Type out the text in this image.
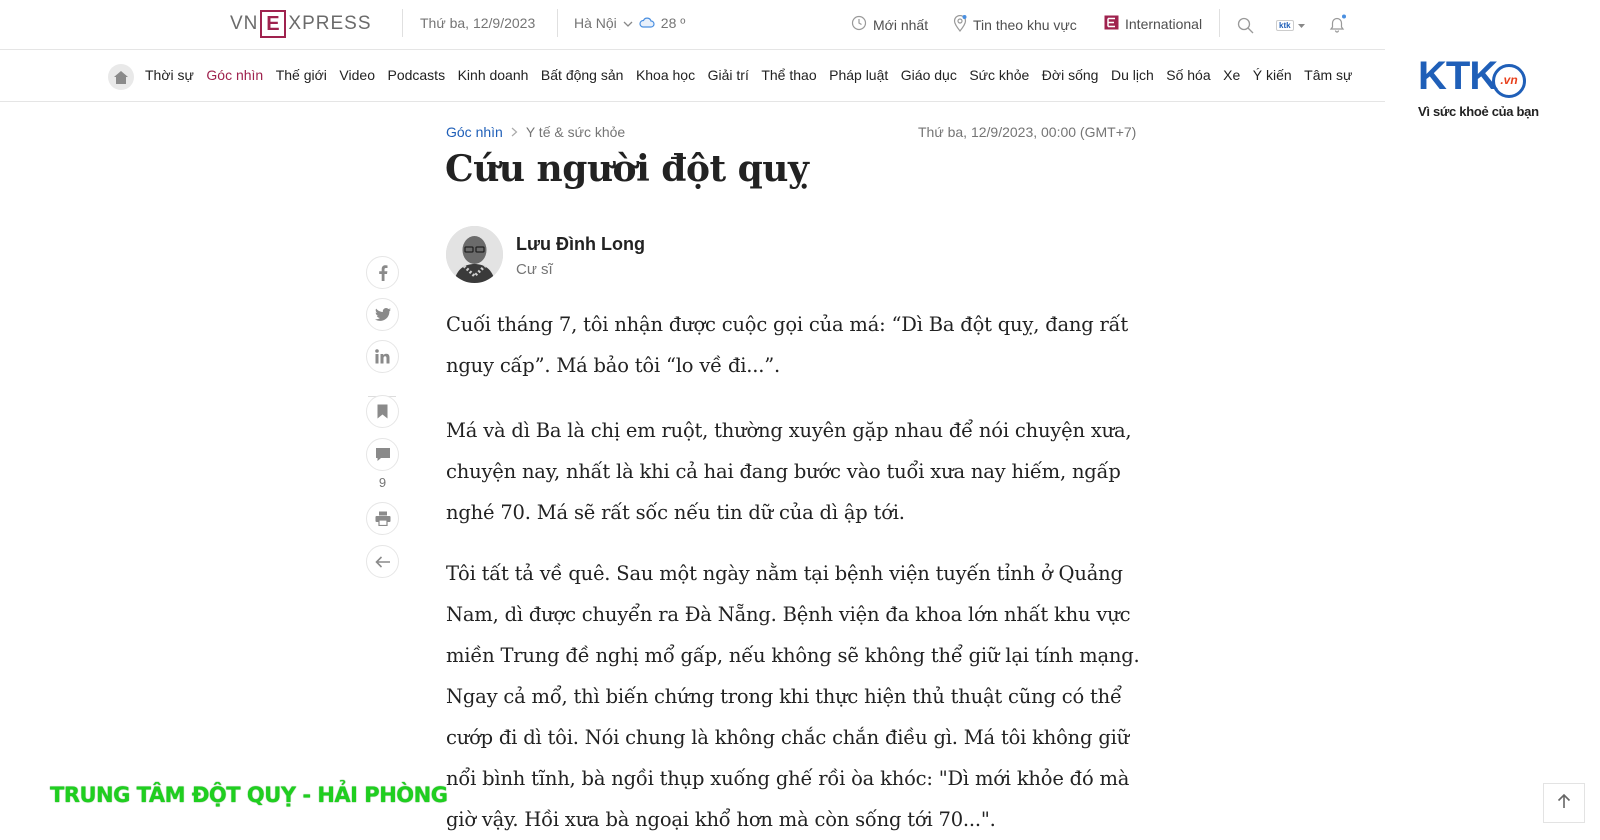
VN E XPRESS	Thứ ba, 12/9/2023	Hà Nội	28 º	Mới nhất	Tin theo khu vực	International	ktk
Thời sự Góc nhìn Thế giới Video Podcasts Kinh doanh Bất động sản Khoa học Giải trí Thể thao Pháp luật Giáo dục Sức khỏe Đời sống Du lịch Số hóa Xe Ý kiến Tâm sự KTK .vn
Vì sức khoẻ của bạn
Góc nhìn Y tế & sức khỏe	Thứ ba, 12/9/2023, 00:00 (GMT+7)
Cứu người đột quỵ
Lưu Đình Long
Cư sĩ
9

Cuối tháng 7, tôi nhận được cuộc gọi của má: “Dì Ba đột quỵ, đang rất nguy cấp”. Má bảo tôi “lo về đi...”.

Má và dì Ba là chị em ruột, thường xuyên gặp nhau để nói chuyện xưa, chuyện nay, nhất là khi cả hai đang bước vào tuổi xưa nay hiếm, ngấp nghé 70. Má sẽ rất sốc nếu tin dữ của dì ập tới.

Tôi tất tả về quê. Sau một ngày nằm tại bệnh viện tuyến tỉnh ở Quảng Nam, dì được chuyển ra Đà Nẵng. Bệnh viện đa khoa lớn nhất khu vực miền Trung đề nghị mổ gấp, nếu không sẽ không thể giữ lại tính mạng. Ngay cả mổ, thì biến chứng trong khi thực hiện thủ thuật cũng có thể cướp đi dì tôi. Nói chung là không chắc chắn điều gì. Má tôi không giữ nổi bình tĩnh, bà ngồi thụp xuống ghế rồi òa khóc: "Dì mới khỏe đó mà giờ vậy. Hồi xưa bà ngoại khổ hơn mà còn sống tới 70...".

TRUNG TÂM ĐỘT QUỴ - HẢI PHÒNG
